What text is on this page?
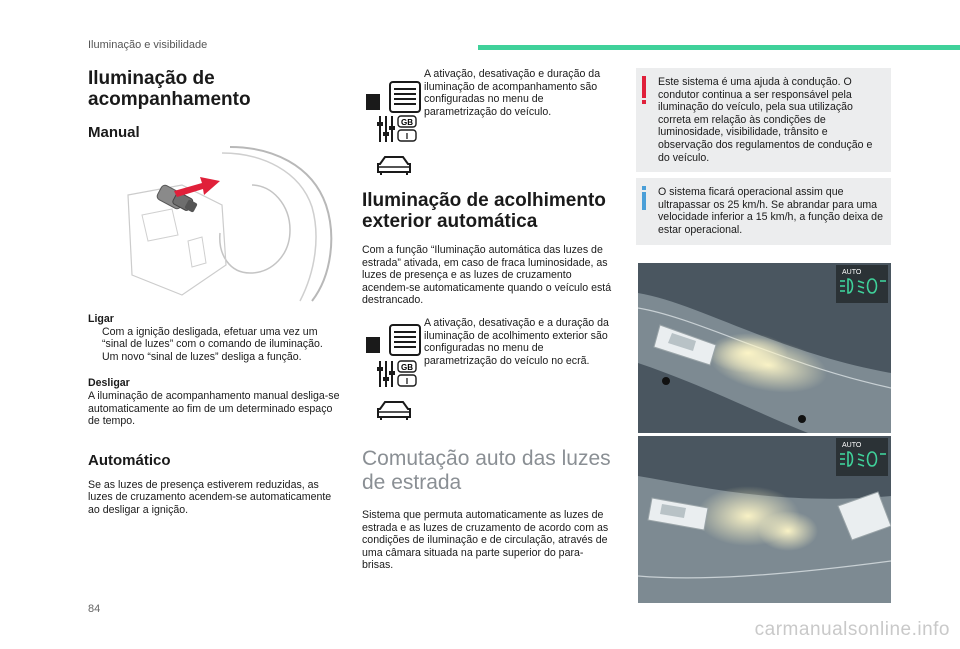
Iluminação e visibilidade
Iluminação de acompanhamento
Manual

Ligar

Com a ignição desligada, efetuar uma vez um “sinal de luzes” com o comando de iluminação.
Um novo “sinal de luzes” desliga a função.

Desligar

A iluminação de acompanhamento manual desliga-se automaticamente ao fim de um determinado espaço de tempo.

Automático

Se as luzes de presença estiverem reduzidas, as luzes de cruzamento acendem-se automaticamente ao desligar a ignição.

GB
I

A ativação, desativação e duração da iluminação de acompanhamento são configuradas no menu de parametrização do veículo.

Iluminação de acolhimento exterior automática

Com a função “Iluminação automática das luzes de estrada” ativada, em caso de fraca luminosidade, as luzes de presença e as luzes de cruzamento acendem-se automaticamente quando o veículo está destrancado.

GB
I

A ativação, desativação e a duração da iluminação de acolhimento exterior são configuradas no menu de parametrização do veículo no ecrã.

Comutação auto das luzes de estrada

Sistema que permuta automaticamente as luzes de estrada e as luzes de cruzamento de acordo com as condições de iluminação e de circulação, através de uma câmara situada na parte superior do para-brisas.

Este sistema é uma ajuda à condução. O condutor continua a ser responsável pela iluminação do veículo, pela sua utilização correta em relação às condições de luminosidade, visibilidade, trânsito e observação dos regulamentos de condução e do veículo.

O sistema ficará operacional assim que ultrapassar os 25 km/h. Se abrandar para uma velocidade inferior a 15 km/h, a função deixa de estar operacional.

AUTO
AUTO
84
carmanualsonline.info
